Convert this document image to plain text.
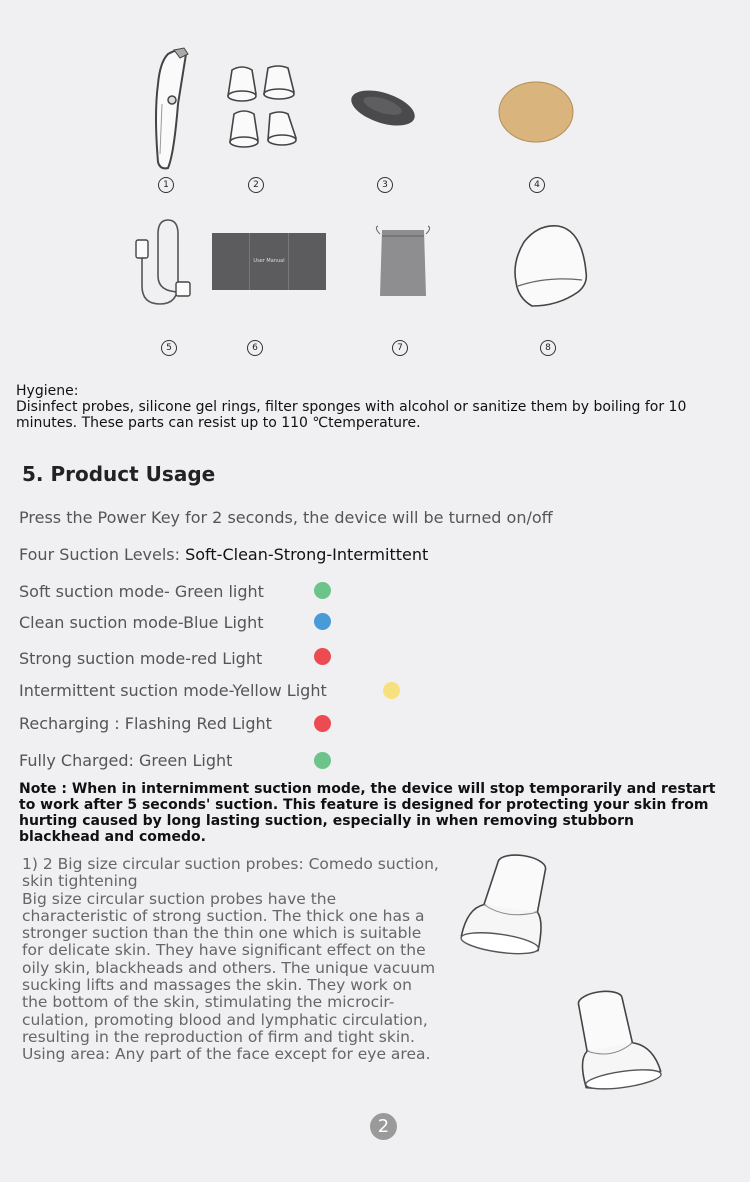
1	2	3	4
User Manual
5	6	7	8
Hygiene:
Disinfect probes, silicone gel rings, filter sponges with alcohol or sanitize them by boiling for 10 minutes. These parts can resist up to 110 ℃temperature.
5. Product Usage
Press the Power Key for 2 seconds, the device will be turned on/off
Four Suction Levels: Soft-Clean-Strong-Intermittent
Soft suction mode- Green light
Clean suction mode-Blue Light
Strong suction mode-red Light
Intermittent suction mode-Yellow Light
Recharging : Flashing Red Light
Fully Charged: Green Light
Note : When in internimment suction mode, the device will stop temporarily and restart to work after 5 seconds' suction. This feature is designed for protecting your skin from hurting caused by long lasting suction, especially in when removing stubborn blackhead and comedo.
1) 2 Big size circular suction probes: Comedo suction, skin tightening
Big size circular suction probes have the characteristic of strong suction. The thick one has a stronger suction than the thin one which is suitable for delicate skin. They have significant effect on the oily skin, blackheads and others. The unique vacuum sucking lifts and massages the skin. They work on the bottom of the skin, stimulating the microcir-culation, promoting blood and lymphatic circulation, resulting in the reproduction of firm and tight skin.
Using area: Any part of the face except for eye area.
2
